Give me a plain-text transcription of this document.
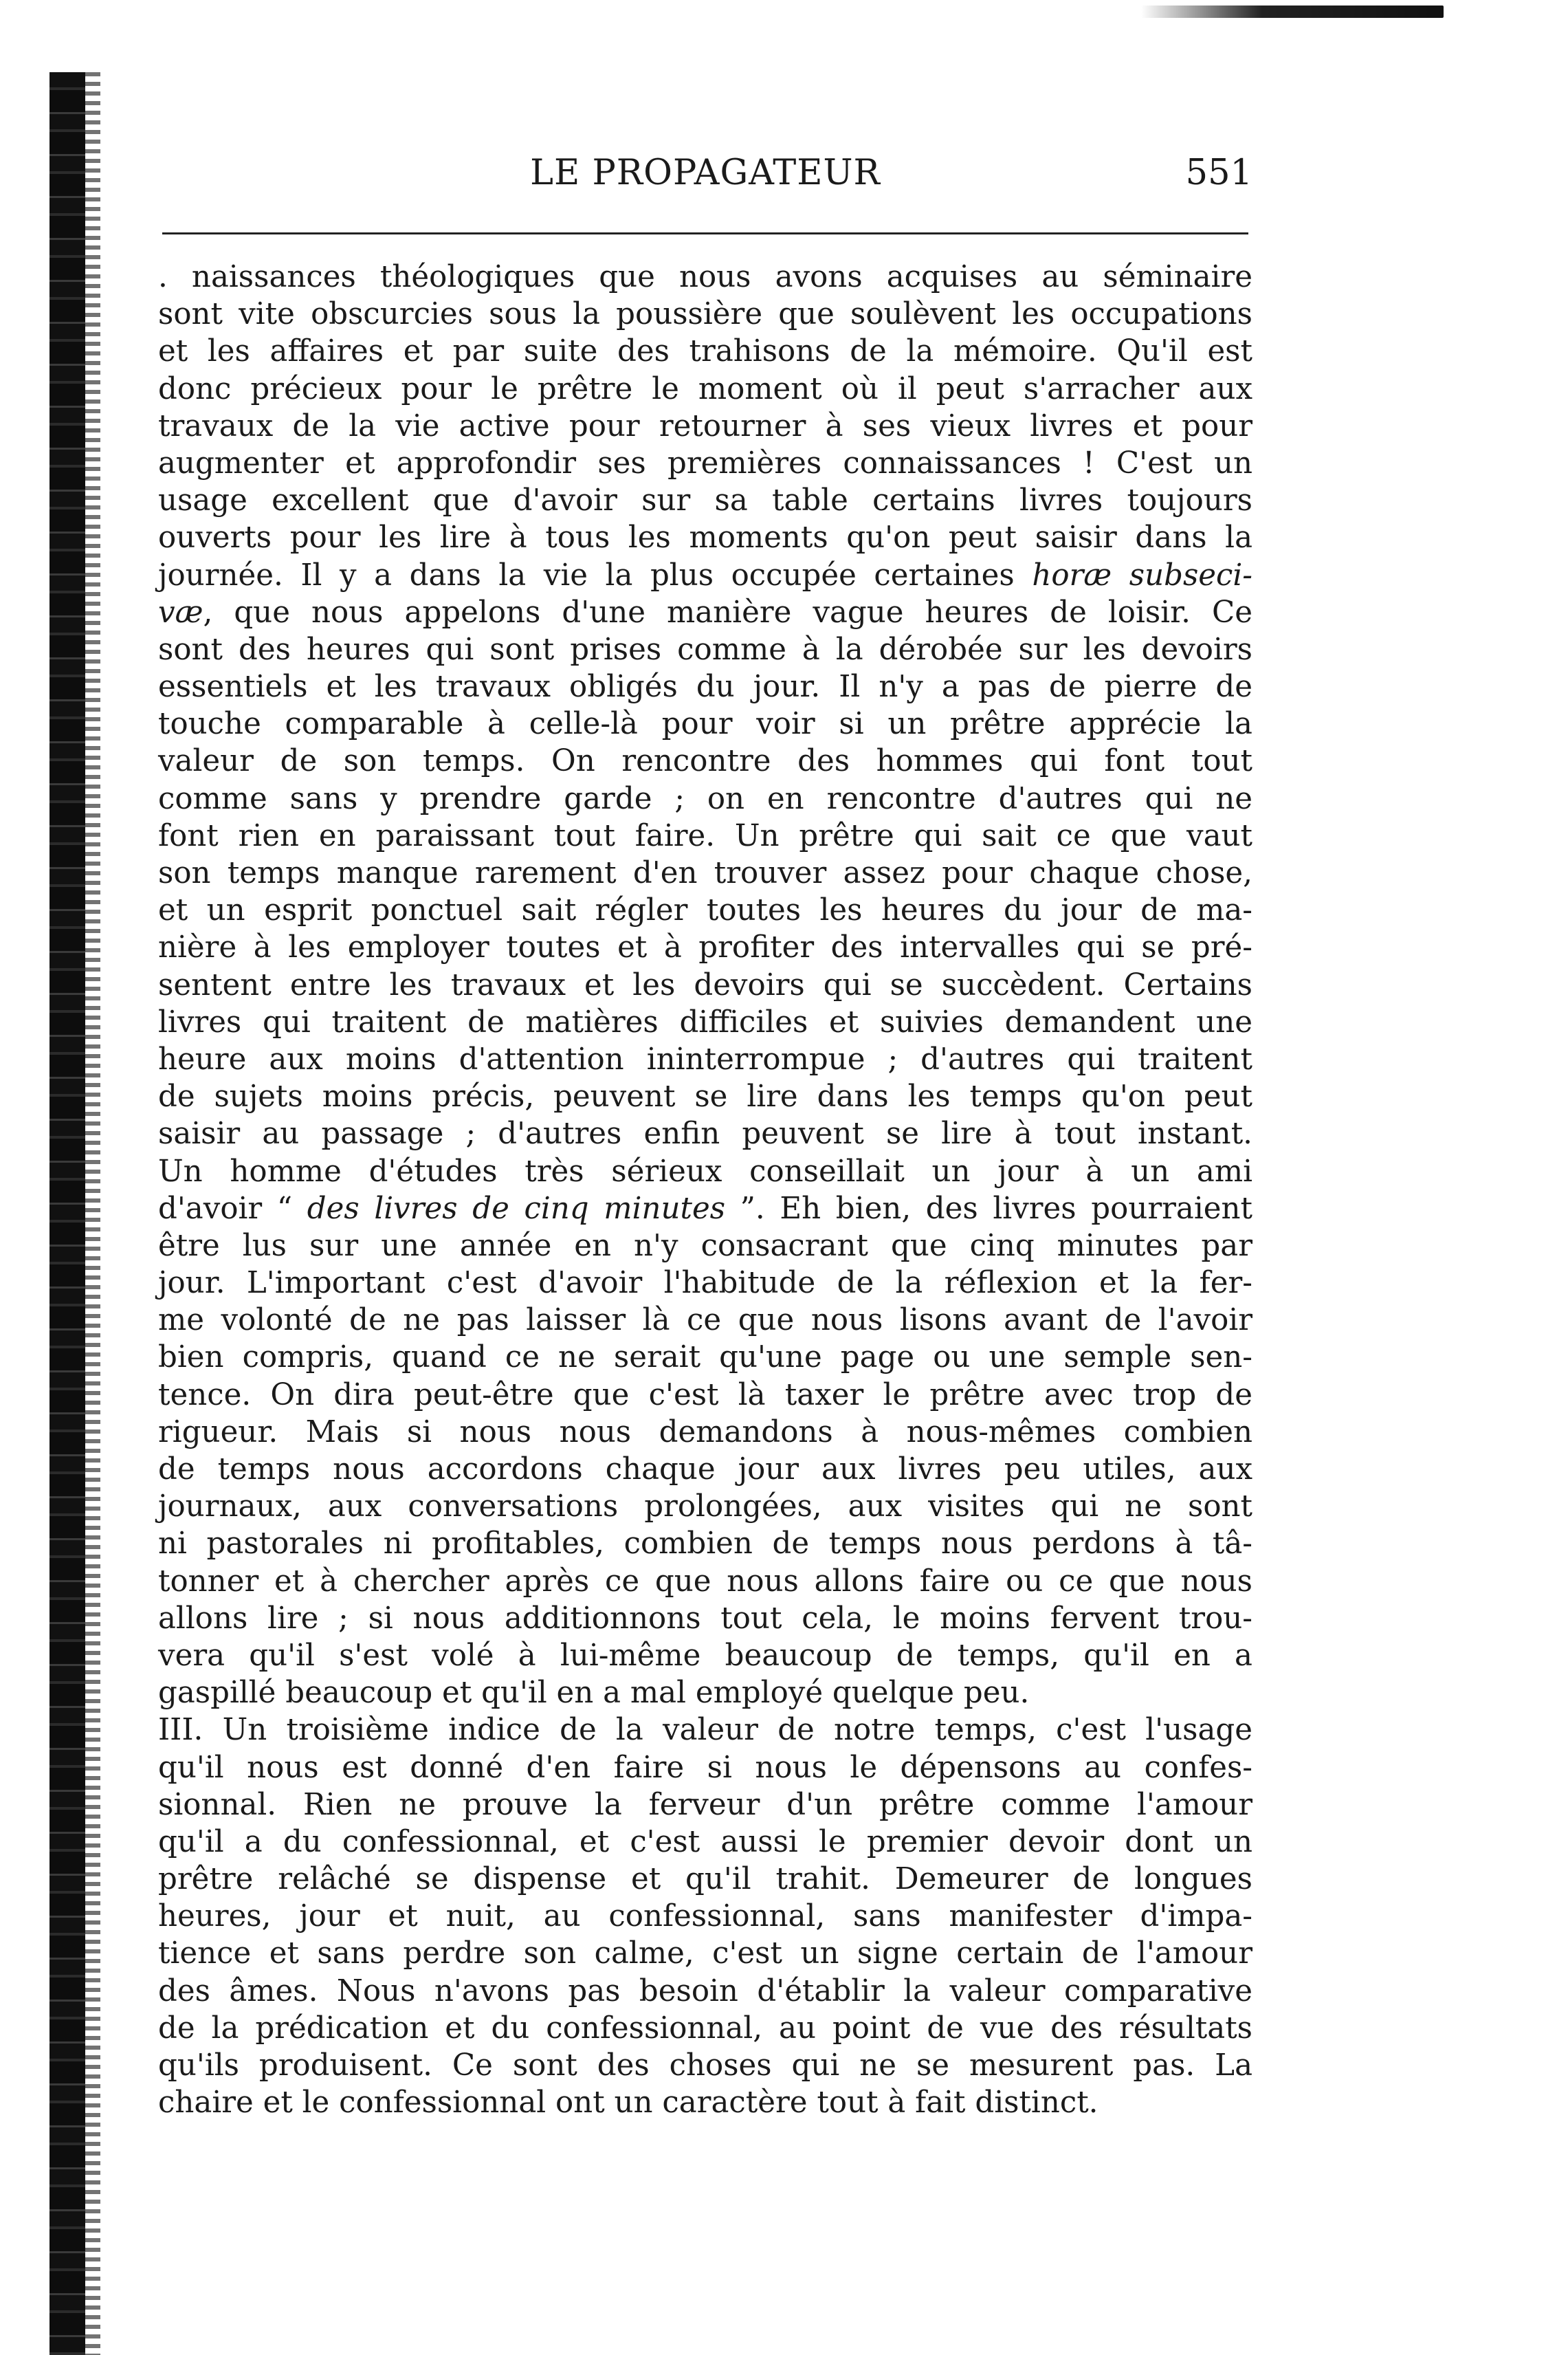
LE PROPAGATEUR	551
. naissances théologiques que nous avons acquises au séminaire
sont vite obscurcies sous la poussière que soulèvent les occupations
et les affaires et par suite des trahisons de la mémoire. Qu'il est
donc précieux pour le prêtre le moment où il peut s'arracher aux
travaux de la vie active pour retourner à ses vieux livres et pour
augmenter et approfondir ses premières connaissances ! C'est un
usage excellent que d'avoir sur sa table certains livres toujours
ouverts pour les lire à tous les moments qu'on peut saisir dans la
journée. Il y a dans la vie la plus occupée certaines horæ subseci-
væ, que nous appelons d'une manière vague heures de loisir. Ce
sont des heures qui sont prises comme à la dérobée sur les devoirs
essentiels et les travaux obligés du jour. Il n'y a pas de pierre de
touche comparable à celle-là pour voir si un prêtre apprécie la
valeur de son temps. On rencontre des hommes qui font tout
comme sans y prendre garde ; on en rencontre d'autres qui ne
font rien en paraissant tout faire. Un prêtre qui sait ce que vaut
son temps manque rarement d'en trouver assez pour chaque chose,
et un esprit ponctuel sait régler toutes les heures du jour de ma-
nière à les employer toutes et à profiter des intervalles qui se pré-
sentent entre les travaux et les devoirs qui se succèdent. Certains
livres qui traitent de matières difficiles et suivies demandent une
heure aux moins d'attention ininterrompue ; d'autres qui traitent
de sujets moins précis, peuvent se lire dans les temps qu'on peut
saisir au passage ; d'autres enfin peuvent se lire à tout instant.
Un homme d'études très sérieux conseillait un jour à un ami
d'avoir “ des livres de cinq minutes ”. Eh bien, des livres pourraient
être lus sur une année en n'y consacrant que cinq minutes par
jour. L'important c'est d'avoir l'habitude de la réflexion et la fer-
me volonté de ne pas laisser là ce que nous lisons avant de l'avoir
bien compris, quand ce ne serait qu'une page ou une semple sen-
tence. On dira peut-être que c'est là taxer le prêtre avec trop de
rigueur. Mais si nous nous demandons à nous-mêmes combien
de temps nous accordons chaque jour aux livres peu utiles, aux
journaux, aux conversations prolongées, aux visites qui ne sont
ni pastorales ni profitables, combien de temps nous perdons à tâ-
tonner et à chercher après ce que nous allons faire ou ce que nous
allons lire ; si nous additionnons tout cela, le moins fervent trou-
vera qu'il s'est volé à lui-même beaucoup de temps, qu'il en a
gaspillé beaucoup et qu'il en a mal employé quelque peu.
III. Un troisième indice de la valeur de notre temps, c'est l'usage
qu'il nous est donné d'en faire si nous le dépensons au confes-
sionnal. Rien ne prouve la ferveur d'un prêtre comme l'amour
qu'il a du confessionnal, et c'est aussi le premier devoir dont un
prêtre relâché se dispense et qu'il trahit. Demeurer de longues
heures, jour et nuit, au confessionnal, sans manifester d'impa-
tience et sans perdre son calme, c'est un signe certain de l'amour
des âmes. Nous n'avons pas besoin d'établir la valeur comparative
de la prédication et du confessionnal, au point de vue des résultats
qu'ils produisent. Ce sont des choses qui ne se mesurent pas. La
chaire et le confessionnal ont un caractère tout à fait distinct.
